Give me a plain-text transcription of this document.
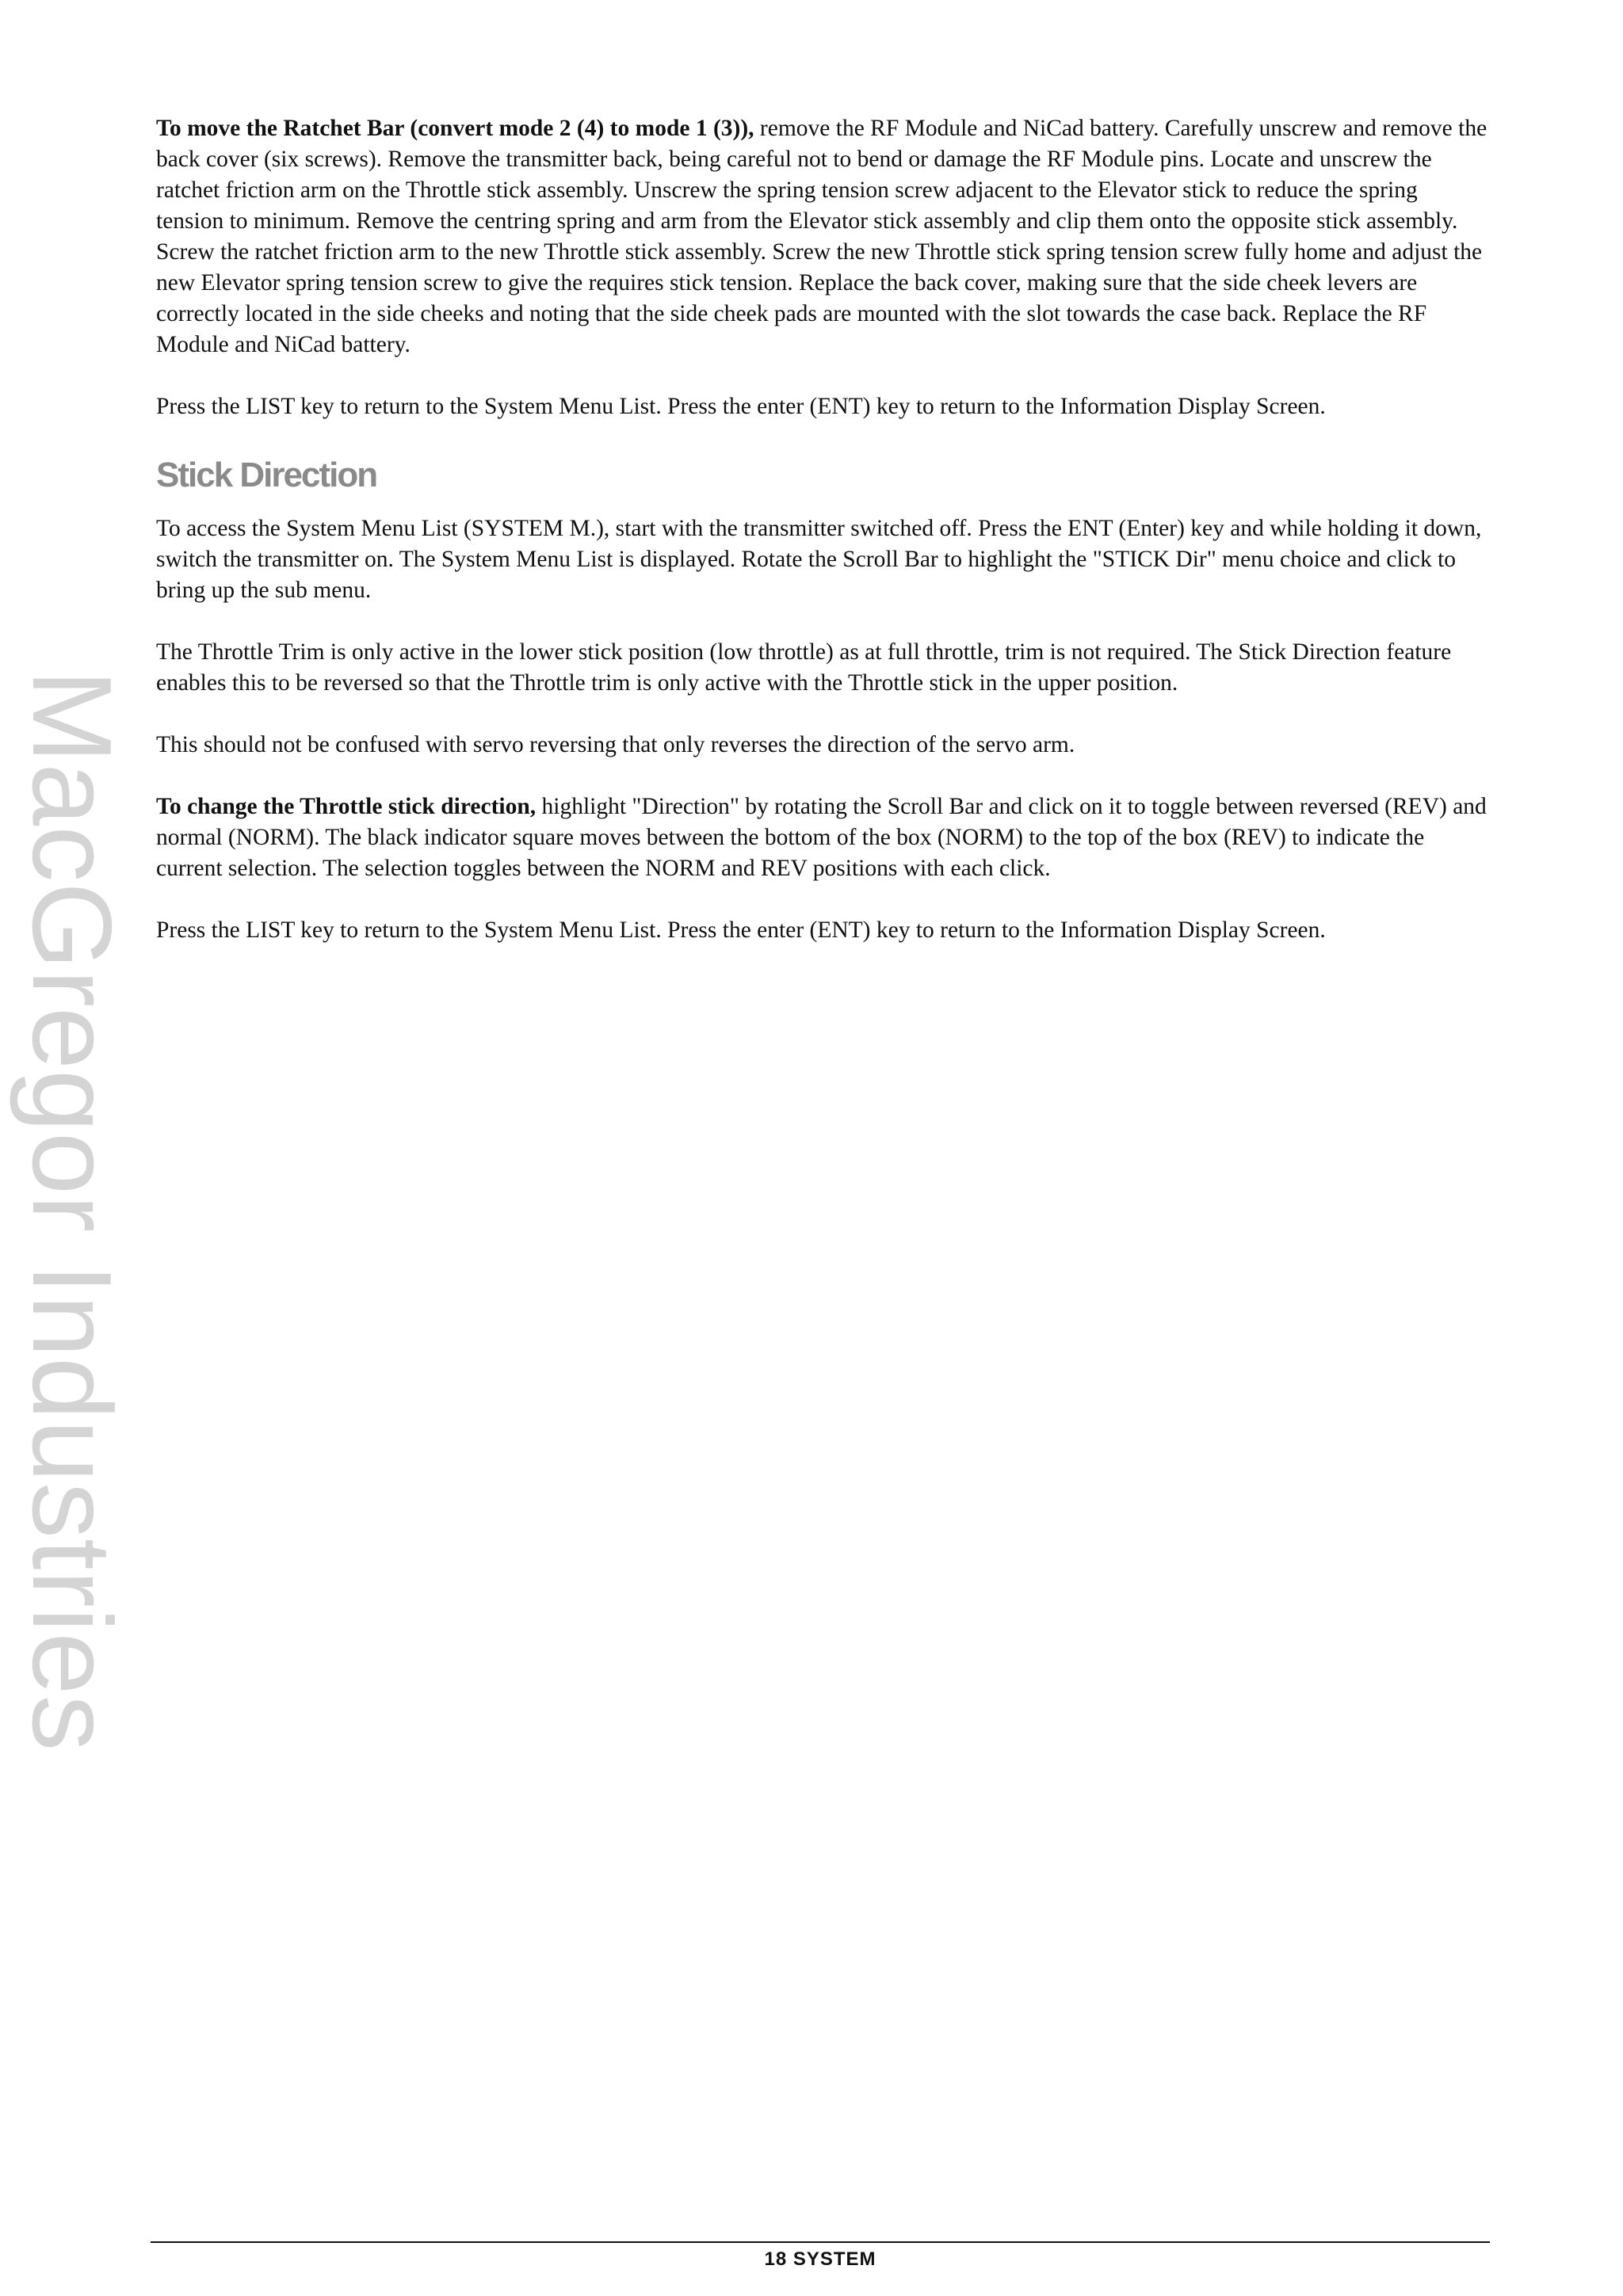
MacGregor Industries

To move the Ratchet Bar (convert mode 2 (4) to mode 1 (3)), remove the RF Module and NiCad battery. Carefully unscrew and remove the back cover (six screws). Remove the transmitter back, being careful not to bend or damage the RF Module pins. Locate and unscrew the ratchet friction arm on the Throttle stick assembly. Unscrew the spring tension screw adjacent to the Elevator stick to reduce the spring tension to minimum. Remove the centring spring and arm from the Elevator stick assembly and clip them onto the opposite stick assembly. Screw the ratchet friction arm to the new Throttle stick assembly. Screw the new Throttle stick spring tension screw fully home and adjust the new Elevator spring tension screw to give the requires stick tension. Replace the back cover, making sure that the side cheek levers are correctly located in the side cheeks and noting that the side cheek pads are mounted with the slot towards the case back. Replace the RF Module and NiCad battery.

Press the LIST key to return to the System Menu List. Press the enter (ENT) key to return to the Information Display Screen.

Stick Direction

To access the System Menu List (SYSTEM M.), start with the transmitter switched off. Press the ENT (Enter) key and while holding it down, switch the transmitter on. The System Menu List is displayed. Rotate the Scroll Bar to highlight the "STICK Dir" menu choice and click to bring up the sub menu.

The Throttle Trim is only active in the lower stick position (low throttle) as at full throttle, trim is not required. The Stick Direction feature enables this to be reversed so that the Throttle trim is only active with the Throttle stick in the upper position.

This should not be confused with servo reversing that only reverses the direction of the servo arm.

To change the Throttle stick direction, highlight "Direction" by rotating the Scroll Bar and click on it to toggle between reversed (REV) and normal (NORM). The black indicator square moves between the bottom of the box (NORM) to the top of the box (REV) to indicate the current selection. The selection toggles between the NORM and REV positions with each click.

Press the LIST key to return to the System Menu List. Press the enter (ENT) key to return to the Information Display Screen.

18 SYSTEM
